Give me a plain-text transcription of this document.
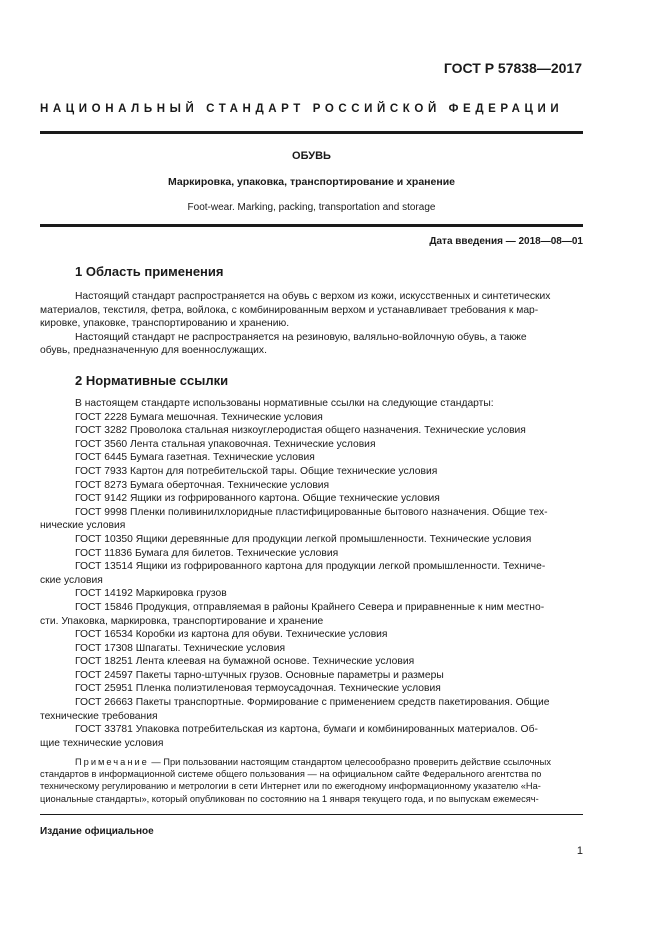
ГОСТ Р 57838—2017
НАЦИОНАЛЬНЫЙ СТАНДАРТ РОССИЙСКОЙ ФЕДЕРАЦИИ
ОБУВЬ
Маркировка, упаковка, транспортирование и хранение
Foot-wear. Marking, packing, transportation and storage
Дата введения — 2018—08—01
1 Область применения
Настоящий стандарт распространяется на обувь с верхом из кожи, искусственных и синтетических
материалов, текстиля, фетра, войлока, с комбинированным верхом и устанавливает требования к мар-
кировке, упаковке, транспортированию и хранению.
Настоящий стандарт не распространяется на резиновую, валяльно-войлочную обувь, а также
обувь, предназначенную для военнослужащих.
2 Нормативные ссылки
В настоящем стандарте использованы нормативные ссылки на следующие стандарты:
ГОСТ 2228 Бумага мешочная. Технические условия
ГОСТ 3282 Проволока стальная низкоуглеродистая общего назначения. Технические условия
ГОСТ 3560 Лента стальная упаковочная. Технические условия
ГОСТ 6445 Бумага газетная. Технические условия
ГОСТ 7933 Картон для потребительской тары. Общие технические условия
ГОСТ 8273 Бумага оберточная. Технические условия
ГОСТ 9142 Ящики из гофрированного картона. Общие технические условия
ГОСТ 9998 Пленки поливинилхлоридные пластифицированные бытового назначения. Общие тех-
нические условия
ГОСТ 10350 Ящики деревянные для продукции легкой промышленности. Технические условия
ГОСТ 11836 Бумага для билетов. Технические условия
ГОСТ 13514 Ящики из гофрированного картона для продукции легкой промышленности. Техниче-
ские условия
ГОСТ 14192 Маркировка грузов
ГОСТ 15846 Продукция, отправляемая в районы Крайнего Севера и приравненные к ним местно-
сти. Упаковка, маркировка, транспортирование и хранение
ГОСТ 16534 Коробки из картона для обуви. Технические условия
ГОСТ 17308 Шпагаты. Технические условия
ГОСТ 18251 Лента клеевая на бумажной основе. Технические условия
ГОСТ 24597 Пакеты тарно-штучных грузов. Основные параметры и размеры
ГОСТ 25951 Пленка полиэтиленовая термоусадочная. Технические условия
ГОСТ 26663 Пакеты транспортные. Формирование с применением средств пакетирования. Общие
технические требования
ГОСТ 33781 Упаковка потребительская из картона, бумаги и комбинированных материалов. Об-
щие технические условия
Примечание — При пользовании настоящим стандартом целесообразно проверить действие ссылочных
стандартов в информационной системе общего пользования — на официальном сайте Федерального агентства по
техническому регулированию и метрологии в сети Интернет или по ежегодному информационному указателю «На-
циональные стандарты», который опубликован по состоянию на 1 января текущего года, и по выпускам ежемесяч-
Издание официальное
1
